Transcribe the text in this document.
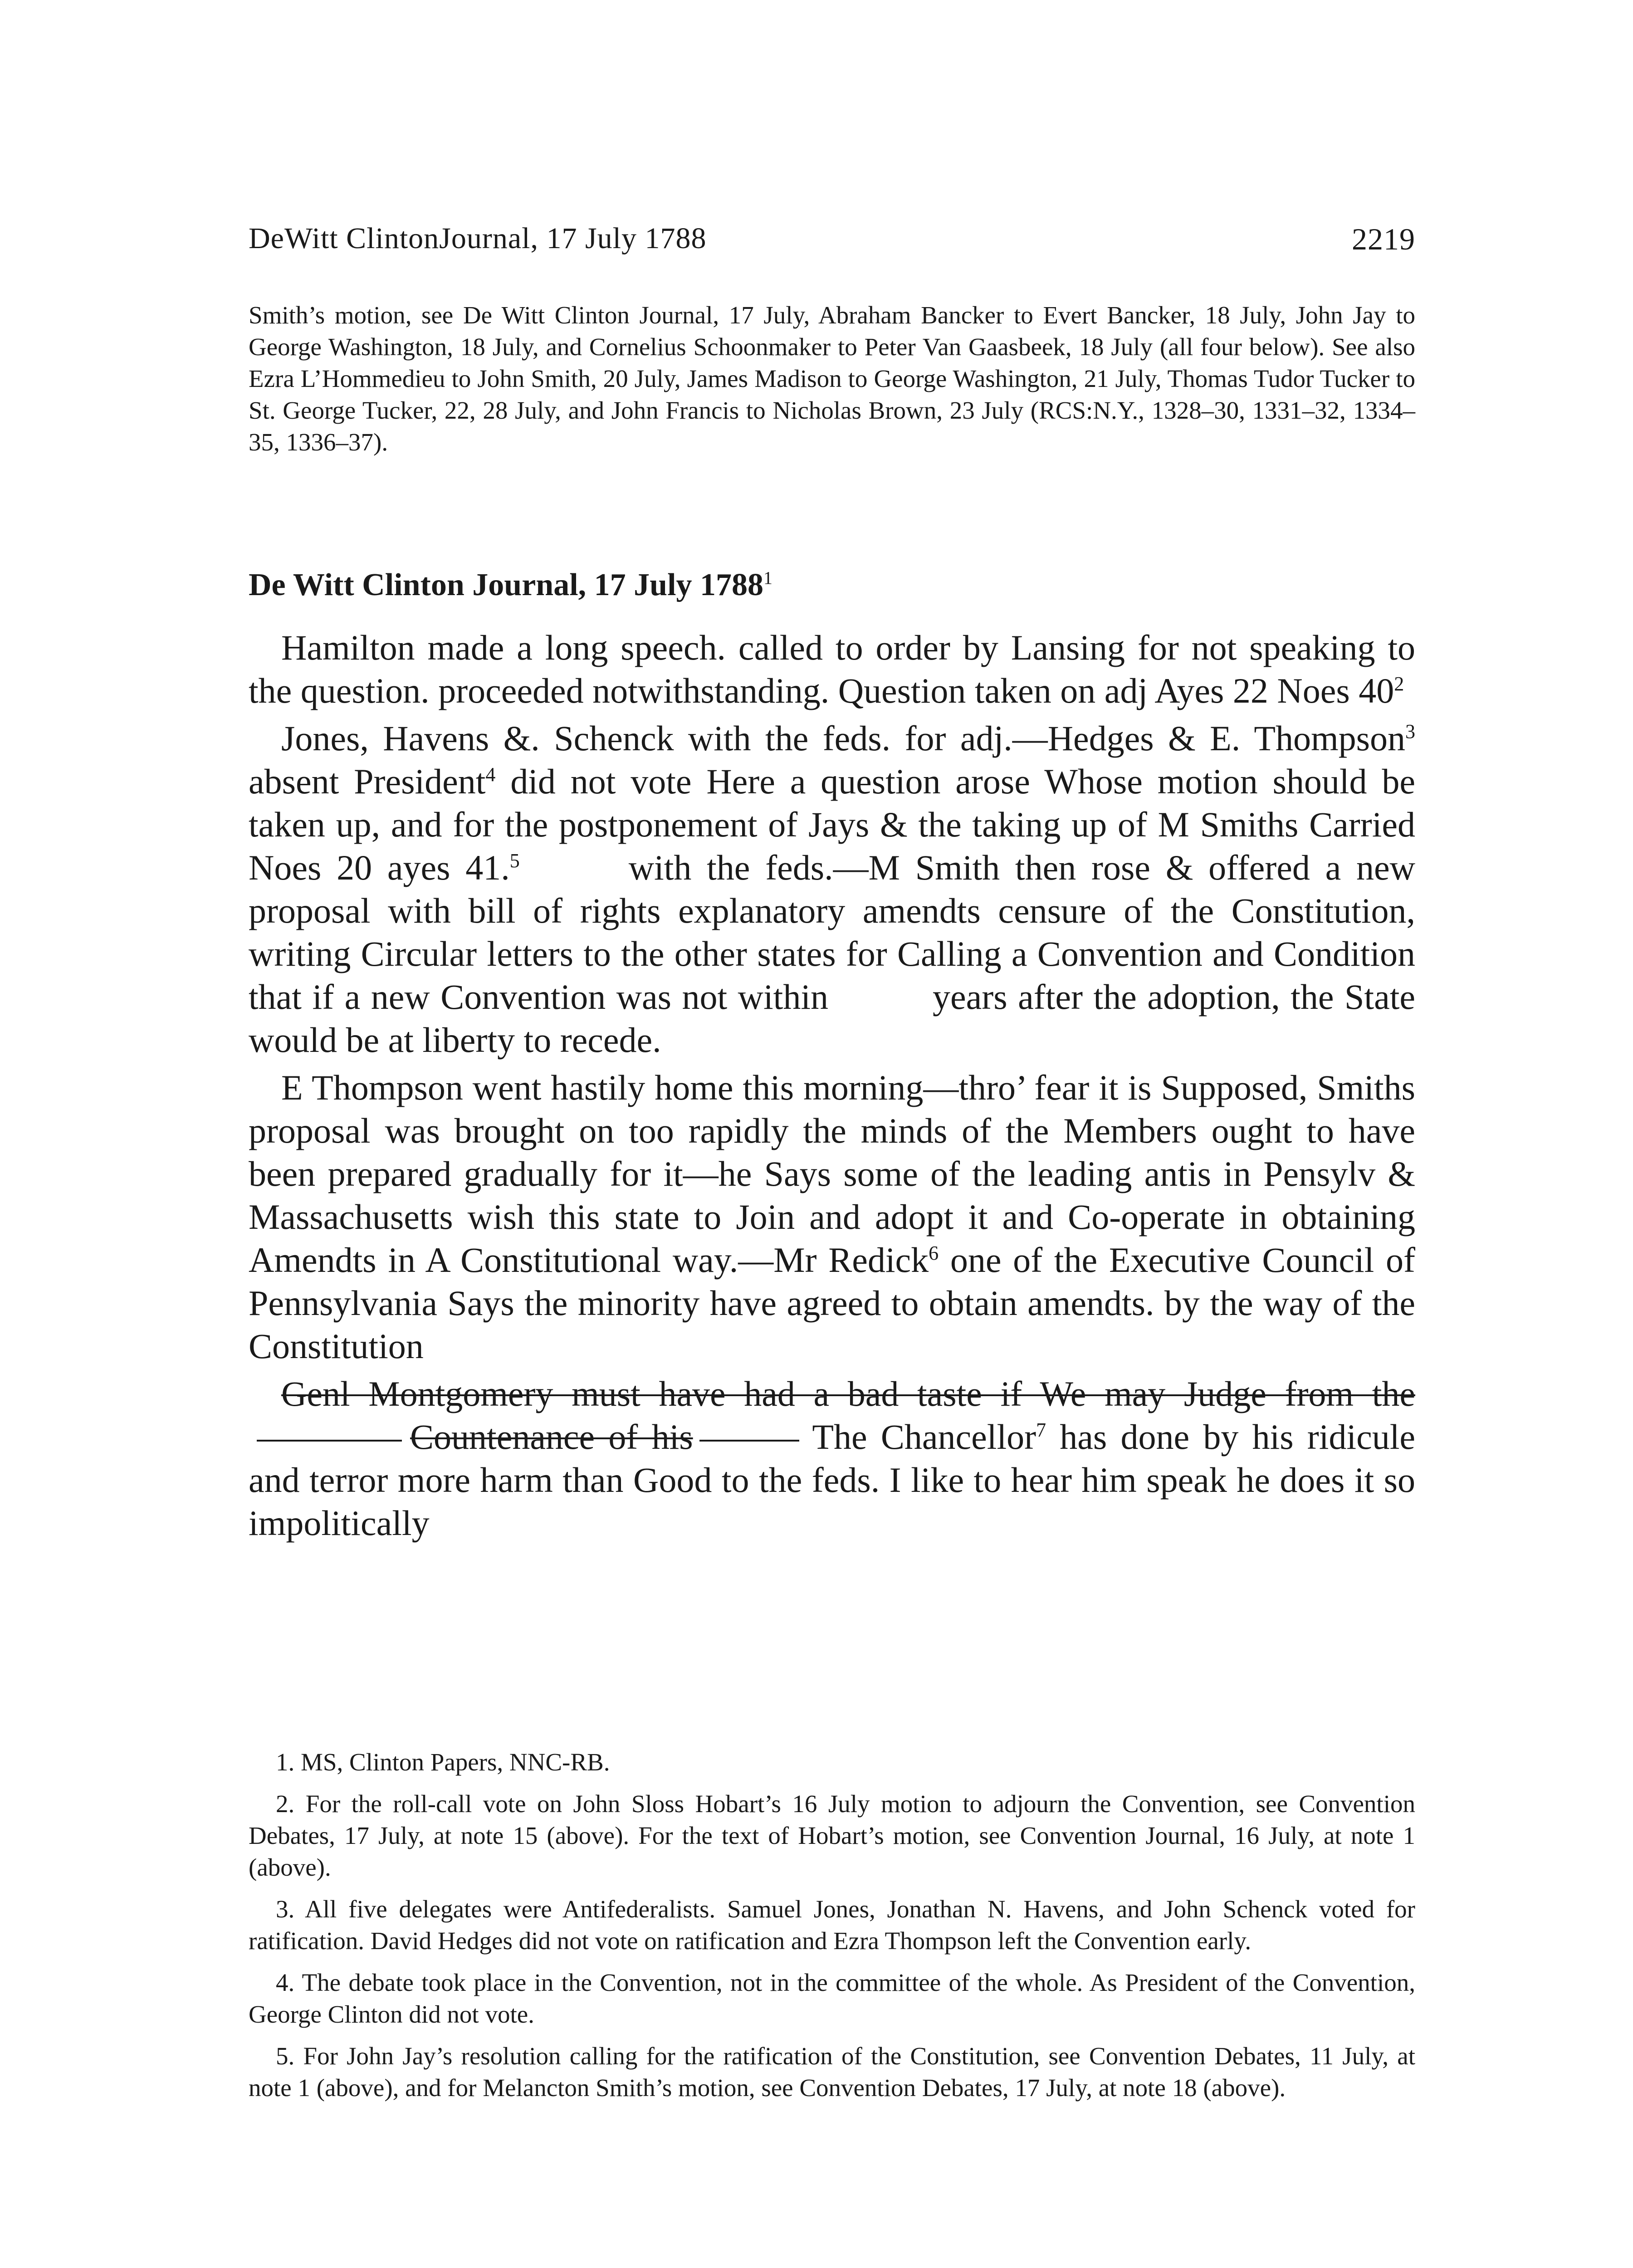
DeWitt ClintonJournal, 17 July 1788	2219
Smith’s motion, see De Witt Clinton Journal, 17 July, Abraham Bancker to Evert Bancker, 18 July, John Jay to George Washington, 18 July, and Cornelius Schoonmaker to Peter Van Gaasbeek, 18 July (all four below). See also Ezra L’Hommedieu to John Smith, 20 July, James Madison to George Washington, 21 July, Thomas Tudor Tucker to St. George Tucker, 22, 28 July, and John Francis to Nicholas Brown, 23 July (RCS:N.Y., 1328–30, 1331–32, 1334–35, 1336–37).
De Witt Clinton Journal, 17 July 1788$^1$

Hamilton made a long speech. called to order by Lansing for not speaking to the question. proceeded notwithstanding. Question taken on adj Ayes 22 Noes 40$^2$

Jones, Havens &. Schenck with the feds. for adj.—Hedges & E. Thompson$^3$ absent President$^4$ did not vote Here a question arose Whose motion should be taken up, and for the postponement of Jays & the taking up of M Smiths Carried Noes 20 ayes 41.$^5$	with the feds.—M Smith then rose & offered a new proposal with bill of rights explanatory amendts censure of the Constitution, writing Circular letters to the other states for Calling a Convention and Condition that if a new Convention was not within	years after the adoption, the State would be at liberty to recede.

E Thompson went hastily home this morning—thro’ fear it is Supposed, Smiths proposal was brought on too rapidly the minds of the Members ought to have been prepared gradually for it—he Says some of the leading antis in Pensylv & Massachusetts wish this state to Join and adopt it and Co-operate in obtaining Amendts in A Constitutional way.—Mr Redick$^6$ one of the Executive Council of Pennsylvania Says the minority have agreed to obtain amendts. by the way of the Constitution

Genl Montgomery must have had a bad taste if We may Judge from theCountenance of his	The Chancellor$^7$ has done by his ridicule and terror more harm than Good to the feds. I like to hear him speak he does it so impolitically

1. MS, Clinton Papers, NNC-RB.

2. For the roll-call vote on John Sloss Hobart’s 16 July motion to adjourn the Convention, see Convention Debates, 17 July, at note 15 (above). For the text of Hobart’s motion, see Convention Journal, 16 July, at note 1 (above).

3. All five delegates were Antifederalists. Samuel Jones, Jonathan N. Havens, and John Schenck voted for ratification. David Hedges did not vote on ratification and Ezra Thompson left the Convention early.

4. The debate took place in the Convention, not in the committee of the whole. As President of the Convention, George Clinton did not vote.

5. For John Jay’s resolution calling for the ratification of the Constitution, see Convention Debates, 11 July, at note 1 (above), and for Melancton Smith’s motion, see Convention Debates, 17 July, at note 18 (above).
